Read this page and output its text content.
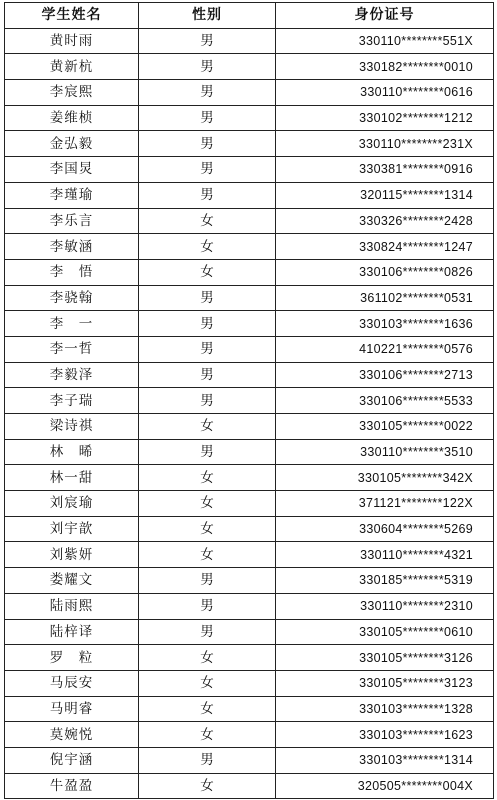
学生姓名	性别	身份证号
黄时雨	男	330110********551X
黄新杭	男	330182********0010
李宸熙	男	330110********0616
姜维桢	男	330102********1212
金弘毅	男	330110********231X
李国炅	男	330381********0916
李瑾瑜	男	320115********1314
李乐言	女	330326********2428
李敏涵	女	330824********1247
李　悟	女	330106********0826
李骁翰	男	361102********0531
李　一	男	330103********1636
李一哲	男	410221********0576
李毅泽	男	330106********2713
李子瑞	男	330106********5533
梁诗祺	女	330105********0022
林　晞	男	330110********3510
林一甜	女	330105********342X
刘宸瑜	女	371121********122X
刘宇歆	女	330604********5269
刘紫妍	女	330110********4321
娄耀文	男	330185********5319
陆雨熙	男	330110********2310
陆梓译	男	330105********0610
罗　粒	女	330105********3126
马辰安	女	330105********3123
马明睿	女	330103********1328
莫婉悦	女	330103********1623
倪宇涵	男	330103********1314
牛盈盈	女	320505********004X
